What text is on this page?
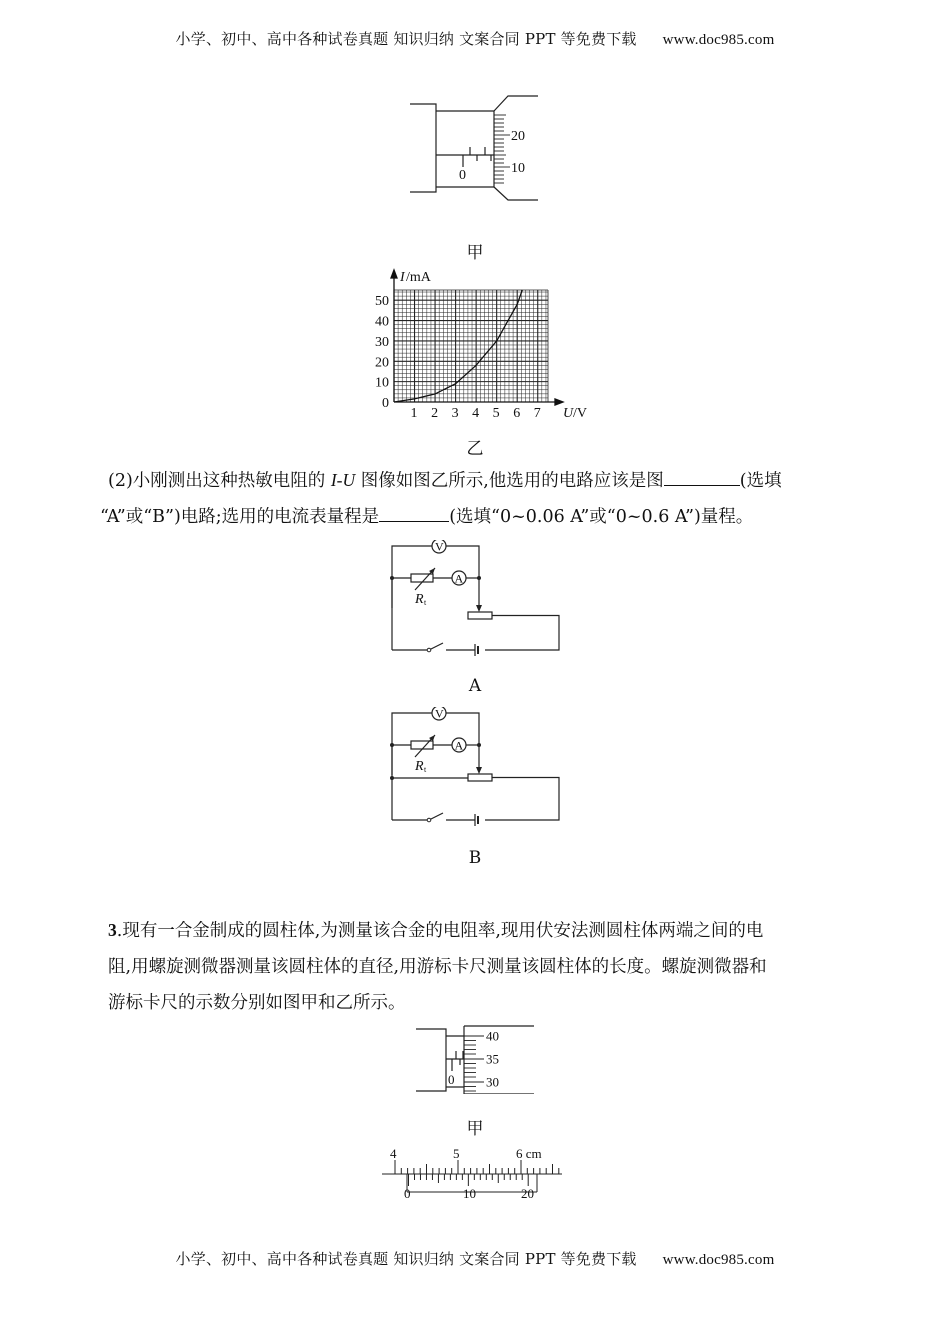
小学、初中、高中各种试卷真题 知识归纳 文案合同 PPT 等免费下载 www.doc985.com
0
20
10
甲
1 2 3 4 5 6 7
0
10
20
30
40
50
I /mA
U /V
乙
(2)小刚测出这种热敏电阻的 I-U 图像如图乙所示,他选用的电路应该是图	(选填
“A”或“B”)电路;选用的电流表量程是	(选填“0~0.06 A”或“0~0.6 A”)量程。
V
A
R t
A
V
A
R t
B
3.现有一合金制成的圆柱体,为测量该合金的电阻率,现用伏安法测圆柱体两端之间的电
阻,用螺旋测微器测量该圆柱体的直径,用游标卡尺测量该圆柱体的长度。螺旋测微器和
游标卡尺的示数分别如图甲和乙所示。
0
40
35
30
甲
4	5	6 cm
0	10	20
小学、初中、高中各种试卷真题 知识归纳 文案合同 PPT 等免费下载 www.doc985.com
